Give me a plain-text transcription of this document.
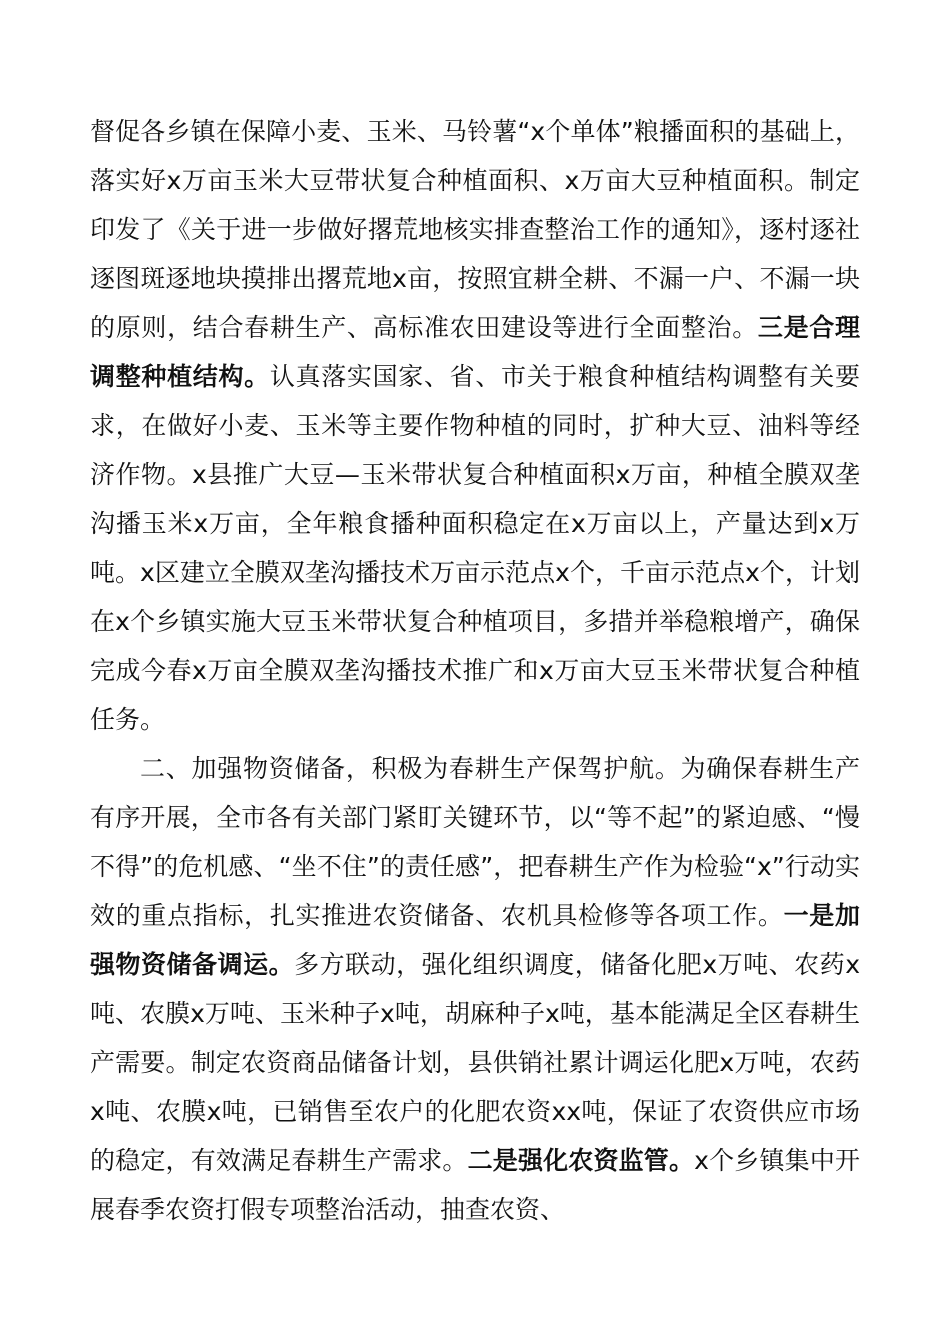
督促各乡镇在保障小麦、玉米、马铃薯“x个单体”粮播面积的基础上，落实好x万亩玉米大豆带状复合种植面积、x万亩大豆种植面积。制定印发了《关于进一步做好撂荒地核实排查整治工作的通知》，逐村逐社逐图斑逐地块摸排出撂荒地x亩，按照宜耕全耕、不漏一户、不漏一块的原则，结合春耕生产、高标准农田建设等进行全面整治。三是合理调整种植结构。认真落实国家、省、市关于粮食种植结构调整有关要求，在做好小麦、玉米等主要作物种植的同时，扩种大豆、油料等经济作物。x县推广大豆—玉米带状复合种植面积x万亩，种植全膜双垄沟播玉米x万亩，全年粮食播种面积稳定在x万亩以上，产量达到x万吨。x区建立全膜双垄沟播技术万亩示范点x个，千亩示范点x个，计划在x个乡镇实施大豆玉米带状复合种植项目，多措并举稳粮增产，确保完成今春x万亩全膜双垄沟播技术推广和x万亩大豆玉米带状复合种植任务。

二、加强物资储备，积极为春耕生产保驾护航。为确保春耕生产有序开展，全市各有关部门紧盯关键环节，以“等不起”的紧迫感、“慢不得”的危机感、“坐不住”的责任感”，把春耕生产作为检验“x”行动实效的重点指标，扎实推进农资储备、农机具检修等各项工作。一是加强物资储备调运。多方联动，强化组织调度，储备化肥x万吨、农药x吨、农膜x万吨、玉米种子x吨，胡麻种子x吨，基本能满足全区春耕生产需要。制定农资商品储备计划，县供销社累计调运化肥x万吨，农药x吨、农膜x吨，已销售至农户的化肥农资xx吨，保证了农资供应市场的稳定，有效满足春耕生产需求。二是强化农资监管。x个乡镇集中开展春季农资打假专项整治活动，抽查农资、
